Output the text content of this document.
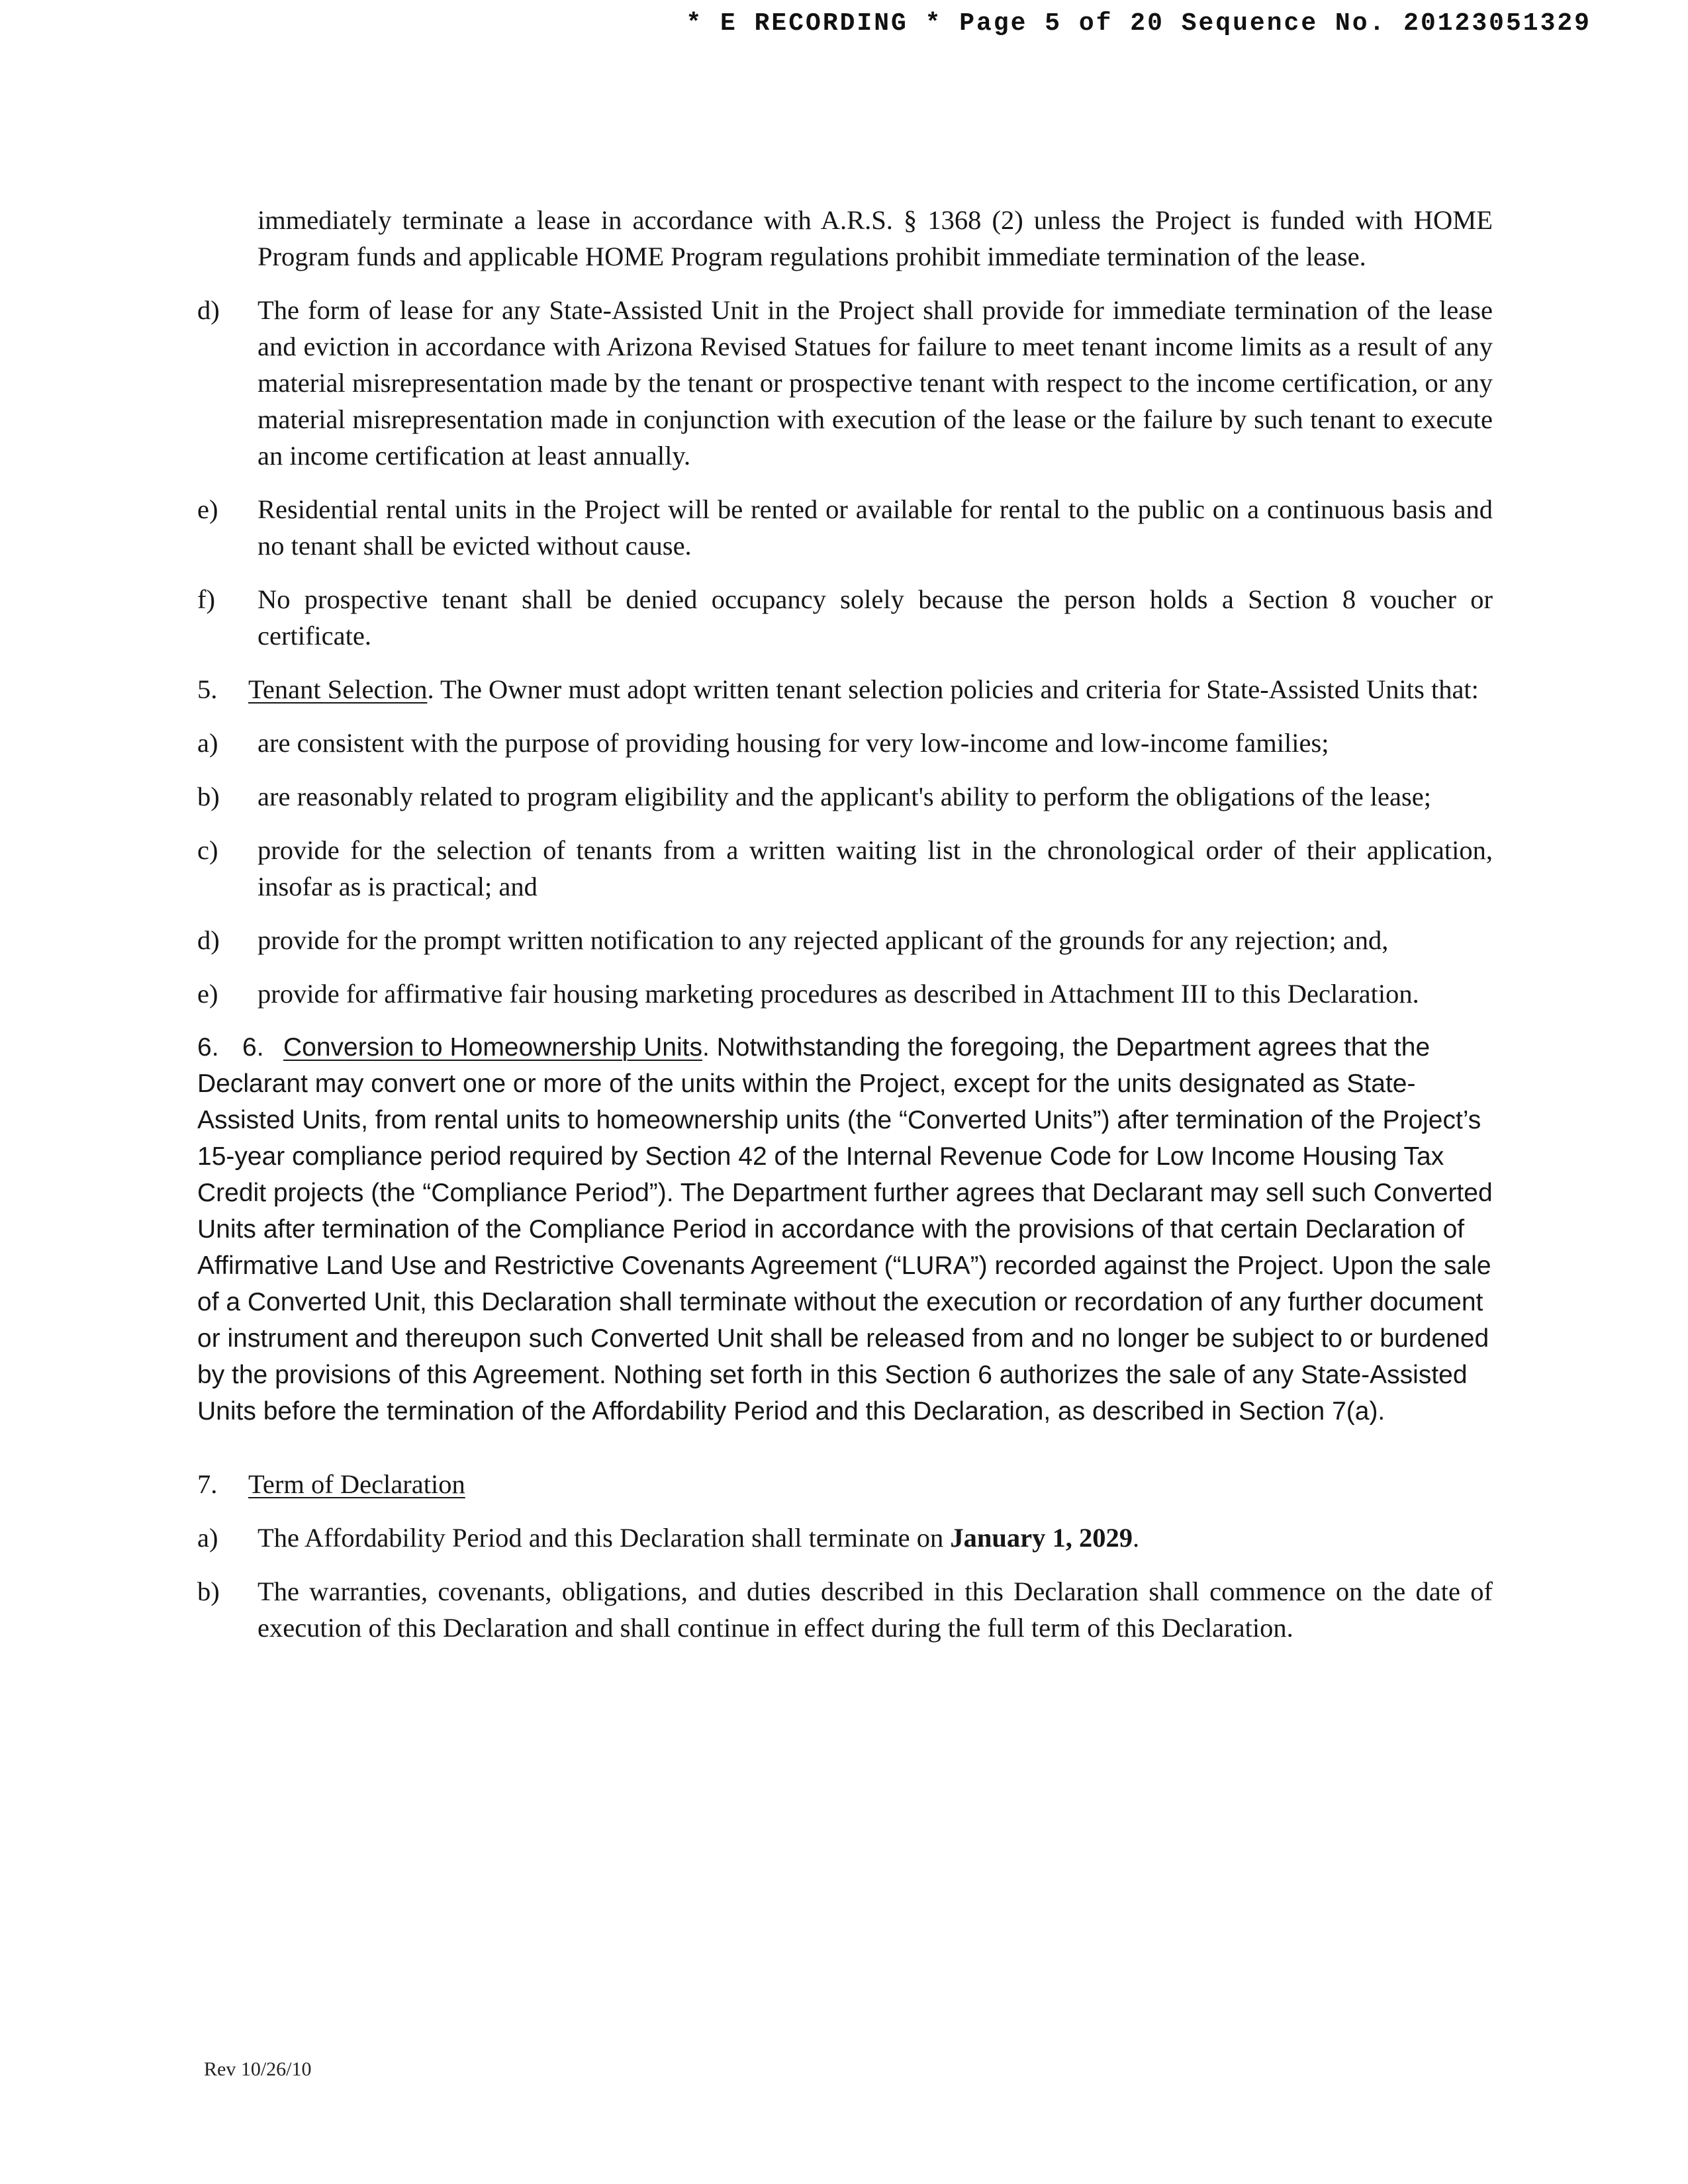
* E RECORDING * Page 5 of 20 Sequence No. 20123051329
immediately terminate a lease in accordance with A.R.S. § 1368 (2) unless the Project is funded with HOME Program funds and applicable HOME Program regulations prohibit immediate termination of the lease.
d)	The form of lease for any State-Assisted Unit in the Project shall provide for immediate termination of the lease and eviction in accordance with Arizona Revised Statues for failure to meet tenant income limits as a result of any material misrepresentation made by the tenant or prospective tenant with respect to the income certification, or any material misrepresentation made in conjunction with execution of the lease or the failure by such tenant to execute an income certification at least annually.
e)	Residential rental units in the Project will be rented or available for rental to the public on a continuous basis and no tenant shall be evicted without cause.
f)	No prospective tenant shall be denied occupancy solely because the person holds a Section 8 voucher or certificate.
5. Tenant Selection. The Owner must adopt written tenant selection policies and criteria for State-Assisted Units that:
a)	are consistent with the purpose of providing housing for very low-income and low-income families;
b)	are reasonably related to program eligibility and the applicant's ability to perform the obligations of the lease;
c)	provide for the selection of tenants from a written waiting list in the chronological order of their application, insofar as is practical; and
d)	provide for the prompt written notification to any rejected applicant of the grounds for any rejection; and,
e)	provide for affirmative fair housing marketing procedures as described in Attachment III to this Declaration.
6. 6. Conversion to Homeownership Units. Notwithstanding the foregoing, the Department agrees that the Declarant may convert one or more of the units within the Project, except for the units designated as State-Assisted Units, from rental units to homeownership units (the “Converted Units”) after termination of the Project’s 15-year compliance period required by Section 42 of the Internal Revenue Code for Low Income Housing Tax Credit projects (the “Compliance Period”). The Department further agrees that Declarant may sell such Converted Units after termination of the Compliance Period in accordance with the provisions of that certain Declaration of Affirmative Land Use and Restrictive Covenants Agreement (“LURA”) recorded against the Project. Upon the sale of a Converted Unit, this Declaration shall terminate without the execution or recordation of any further document or instrument and thereupon such Converted Unit shall be released from and no longer be subject to or burdened by the provisions of this Agreement. Nothing set forth in this Section 6 authorizes the sale of any State-Assisted Units before the termination of the Affordability Period and this Declaration, as described in Section 7(a).
7. Term of Declaration
a)	The Affordability Period and this Declaration shall terminate on January 1, 2029.
b)	The warranties, covenants, obligations, and duties described in this Declaration shall commence on the date of execution of this Declaration and shall continue in effect during the full term of this Declaration.
Rev 10/26/10
